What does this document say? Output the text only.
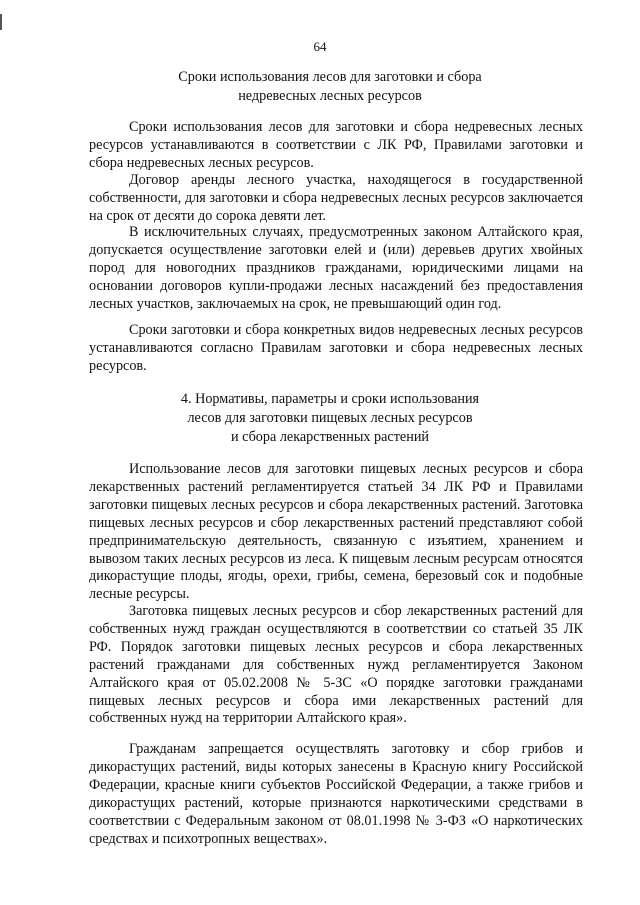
64

Сроки использования лесов для заготовки и сбора

недревесных лесных ресурсов

Сроки использования лесов для заготовки и сбора недревесных лесных ресурсов устанавливаются в соответствии с ЛК РФ, Правилами заготовки и сбора недревесных лесных ресурсов.

Договор аренды лесного участка, находящегося в государственной собственности, для заготовки и сбора недревесных лесных ресурсов заключается на срок от десяти до сорока девяти лет.

В исключительных случаях, предусмотренных законом Алтайского края, допускается осуществление заготовки елей и (или) деревьев других хвойных пород для новогодних праздников гражданами, юридическими лицами на основании договоров купли-продажи лесных насаждений без предоставления лесных участков, заключаемых на срок, не превышающий один год.

Сроки заготовки и сбора конкретных видов недревесных лесных ресурсов устанавливаются согласно Правилам заготовки и сбора недревесных лесных ресурсов.

4. Нормативы, параметры и сроки использования

лесов для заготовки пищевых лесных ресурсов

и сбора лекарственных растений

Использование лесов для заготовки пищевых лесных ресурсов и сбора лекарственных растений регламентируется статьей 34 ЛК РФ и Правилами заготовки пищевых лесных ресурсов и сбора лекарственных растений. Заготовка пищевых лесных ресурсов и сбор лекарственных растений представляют собой предпринимательскую деятельность, связанную с изъятием, хранением и вывозом таких лесных ресурсов из леса. К пищевым лесным ресурсам относятся дикорастущие плоды, ягоды, орехи, грибы, семена, березовый сок и подобные лесные ресурсы.

Заготовка пищевых лесных ресурсов и сбор лекарственных растений для собственных нужд граждан осуществляются в соответствии со статьей 35 ЛК РФ. Порядок заготовки пищевых лесных ресурсов и сбора лекарственных растений гражданами для собственных нужд регламентируется Законом Алтайского края от 05.02.2008 № 5-ЗС «О порядке заготовки гражданами пищевых лесных ресурсов и сбора ими лекарственных растений для собственных нужд на территории Алтайского края».

Гражданам запрещается осуществлять заготовку и сбор грибов и дикорастущих растений, виды которых занесены в Красную книгу Российской Федерации, красные книги субъектов Российской Федерации, а также грибов и дикорастущих растений, которые признаются наркотическими средствами в соответствии с Федеральным законом от 08.01.1998 № 3-ФЗ «О наркотических средствах и психотропных веществах».
